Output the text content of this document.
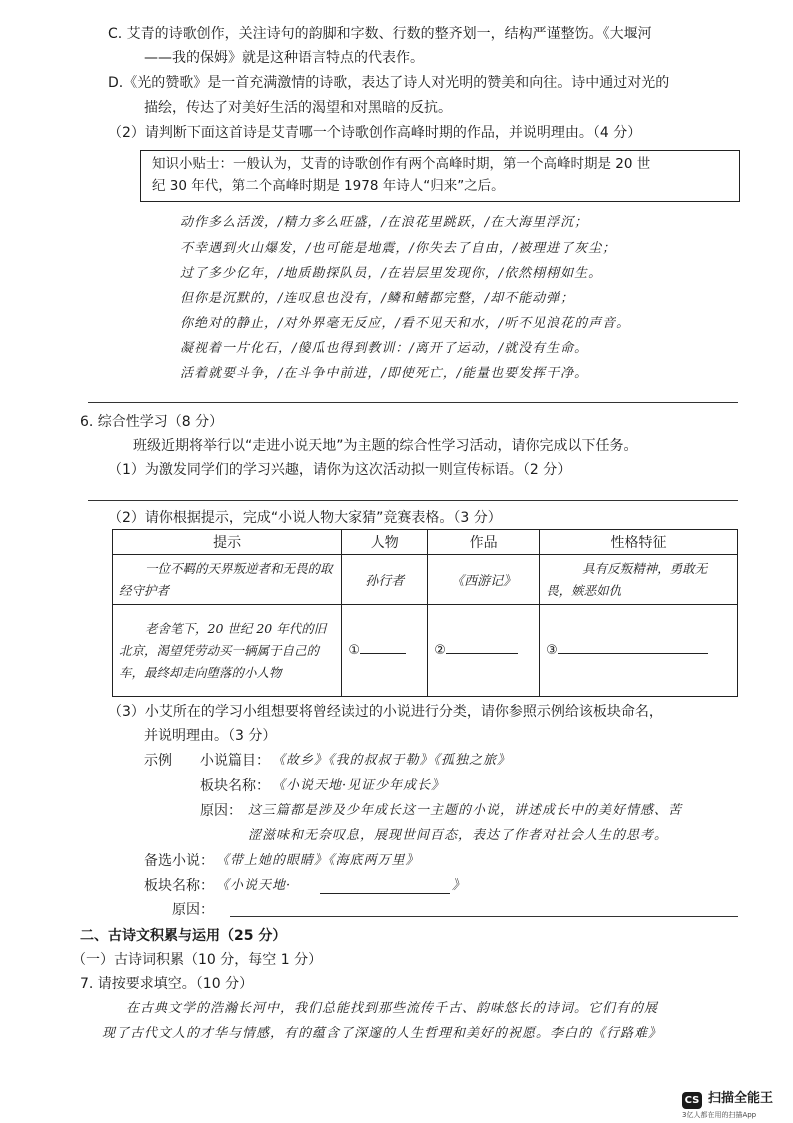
C. 艾青的诗歌创作，关注诗句的韵脚和字数、行数的整齐划一，结构严谨整饬。《大堰河
——我的保姆》就是这种语言特点的代表作。
D.《光的赞歌》是一首充满激情的诗歌，表达了诗人对光明的赞美和向往。诗中通过对光的
描绘，传达了对美好生活的渴望和对黑暗的反抗。
（2）请判断下面这首诗是艾青哪一个诗歌创作高峰时期的作品，并说明理由。（4 分）
知识小贴士：一般认为，艾青的诗歌创作有两个高峰时期，第一个高峰时期是 20 世
纪 30 年代，第二个高峰时期是 1978 年诗人“归来”之后。
动作多么活泼，/精力多么旺盛，/在浪花里跳跃，/在大海里浮沉；
不幸遇到火山爆发，/也可能是地震，/你失去了自由，/被理进了灰尘；
过了多少亿年，/地质勘探队员，/在岩层里发现你，/依然栩栩如生。
但你是沉默的，/连叹息也没有，/鳞和鳍都完整，/却不能动弹；
你绝对的静止，/对外界毫无反应，/看不见天和水，/听不见浪花的声音。
凝视着一片化石，/傻瓜也得到教训：/离开了运动，/就没有生命。
活着就要斗争，/在斗争中前进，/即使死亡，/能量也要发挥干净。
6. 综合性学习（8 分）
班级近期将举行以“走进小说天地”为主题的综合性学习活动，请你完成以下任务。
（1）为激发同学们的学习兴趣，请你为这次活动拟一则宣传标语。（2 分）
（2）请你根据提示，完成“小说人物大家猜”竞赛表格。（3 分）
提示	人物	作品	性格特征
一位不羁的天界叛逆者和无畏的取经守护者	孙行者	《西游记》	具有反叛精神，勇敢无畏，嫉恶如仇
老舍笔下，20 世纪 20 年代的旧北京，渴望凭劳动买一辆属于自己的车，最终却走向堕落的小人物	①	②	③
（3）小艾所在的学习小组想要将曾经读过的小说进行分类，请你参照示例给该板块命名，
并说明理由。（3 分）
示例 小说篇目： 《故乡》《我的叔叔于勒》《孤独之旅》
板块名称： 《小说天地·见证少年成长》
原因： 这三篇都是涉及少年成长这一主题的小说，讲述成长中的美好情感、苦
涩滋味和无奈叹息，展现世间百态，表达了作者对社会人生的思考。
备选小说： 《带上她的眼睛》《海底两万里》
板块名称： 《小说天地·	》
原因：
二、古诗文积累与运用（25 分）
（一）古诗词积累（10 分，每空 1 分）
7. 请按要求填空。（10 分）
在古典文学的浩瀚长河中，我们总能找到那些流传千古、韵味悠长的诗词。它们有的展
现了古代文人的才华与情感，有的蕴含了深邃的人生哲理和美好的祝愿。李白的《行路难》
CS 扫描全能王
3亿人都在用的扫描App
